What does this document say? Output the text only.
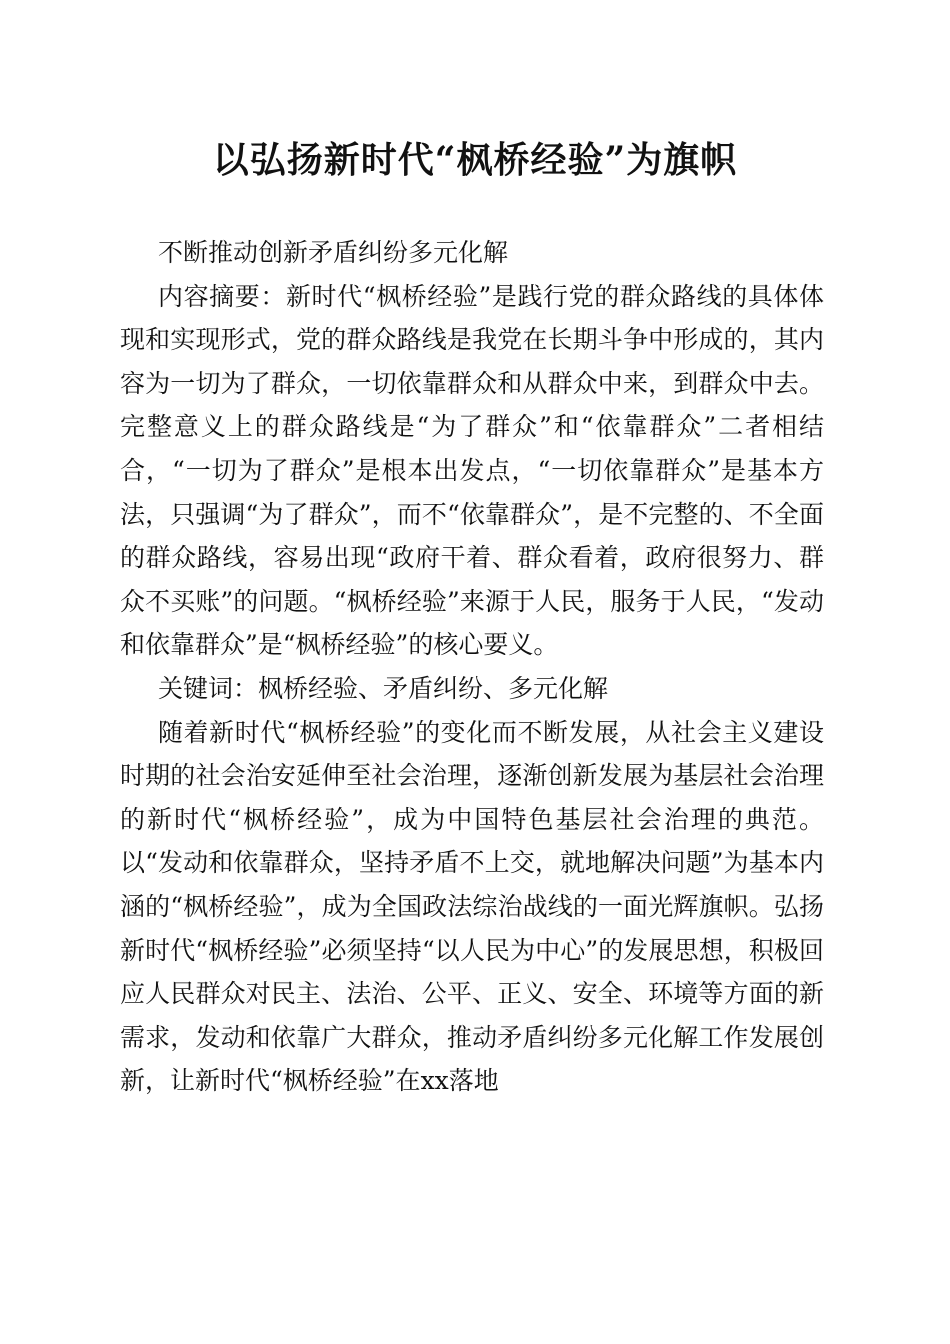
以弘扬新时代“枫桥经验”为旗帜

不断推动创新矛盾纠纷多元化解

内容摘要：新时代“枫桥经验”是践行党的群众路线的具体体现和实现形式，党的群众路线是我党在长期斗争中形成的，其内容为一切为了群众，一切依靠群众和从群众中来，到群众中去。完整意义上的群众路线是“为了群众”和“依靠群众”二者相结合，“一切为了群众”是根本出发点，“一切依靠群众”是基本方法，只强调“为了群众”，而不“依靠群众”，是不完整的、不全面的群众路线，容易出现“政府干着、群众看着，政府很努力、群众不买账”的问题。“枫桥经验”来源于人民，服务于人民，“发动和依靠群众”是“枫桥经验”的核心要义。

关键词：枫桥经验、矛盾纠纷、多元化解

随着新时代“枫桥经验”的变化而不断发展，从社会主义建设时期的社会治安延伸至社会治理，逐渐创新发展为基层社会治理的新时代“枫桥经验”，成为中国特色基层社会治理的典范。以“发动和依靠群众，坚持矛盾不上交，就地解决问题”为基本内涵的“枫桥经验”，成为全国政法综治战线的一面光辉旗帜。弘扬新时代“枫桥经验”必须坚持“以人民为中心”的发展思想，积极回应人民群众对民主、法治、公平、正义、安全、环境等方面的新需求，发动和依靠广大群众，推动矛盾纠纷多元化解工作发展创新，让新时代“枫桥经验”在xx落地
